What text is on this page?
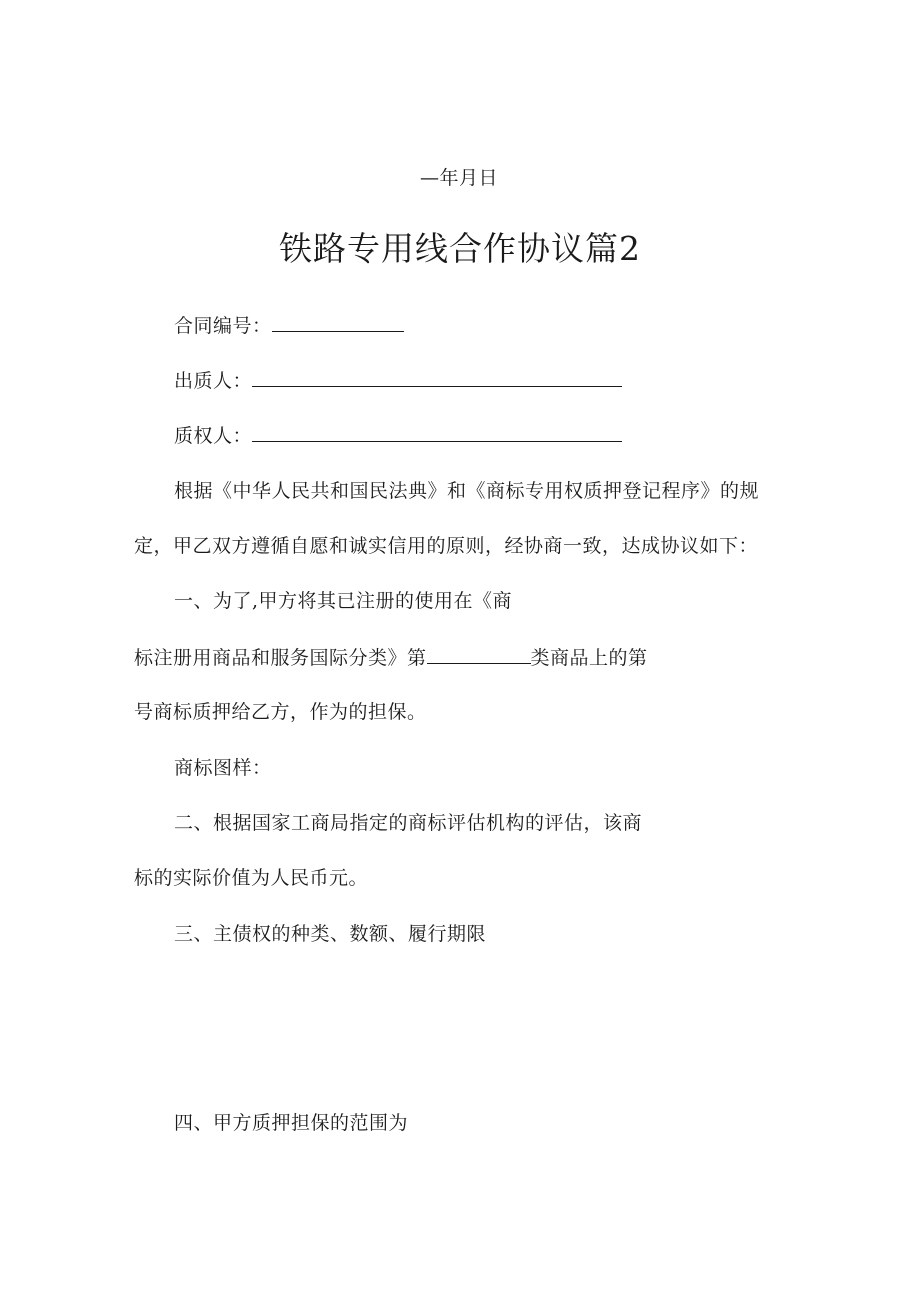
—年月日
铁路专用线合作协议篇2
合同编号：
出质人：
质权人：
根据《中华人民共和国民法典》和《商标专用权质押登记程序》的规
定，甲乙双方遵循自愿和诚实信用的原则，经协商一致，达成协议如下：
一、为了,甲方将其已注册的使用在《商
标注册用商品和服务国际分类》第	类商品上的第
号商标质押给乙方，作为的担保。
商标图样：
二、根据国家工商局指定的商标评估机构的评估，该商
标的实际价值为人民币元。
三、主债权的种类、数额、履行期限
四、甲方质押担保的范围为
